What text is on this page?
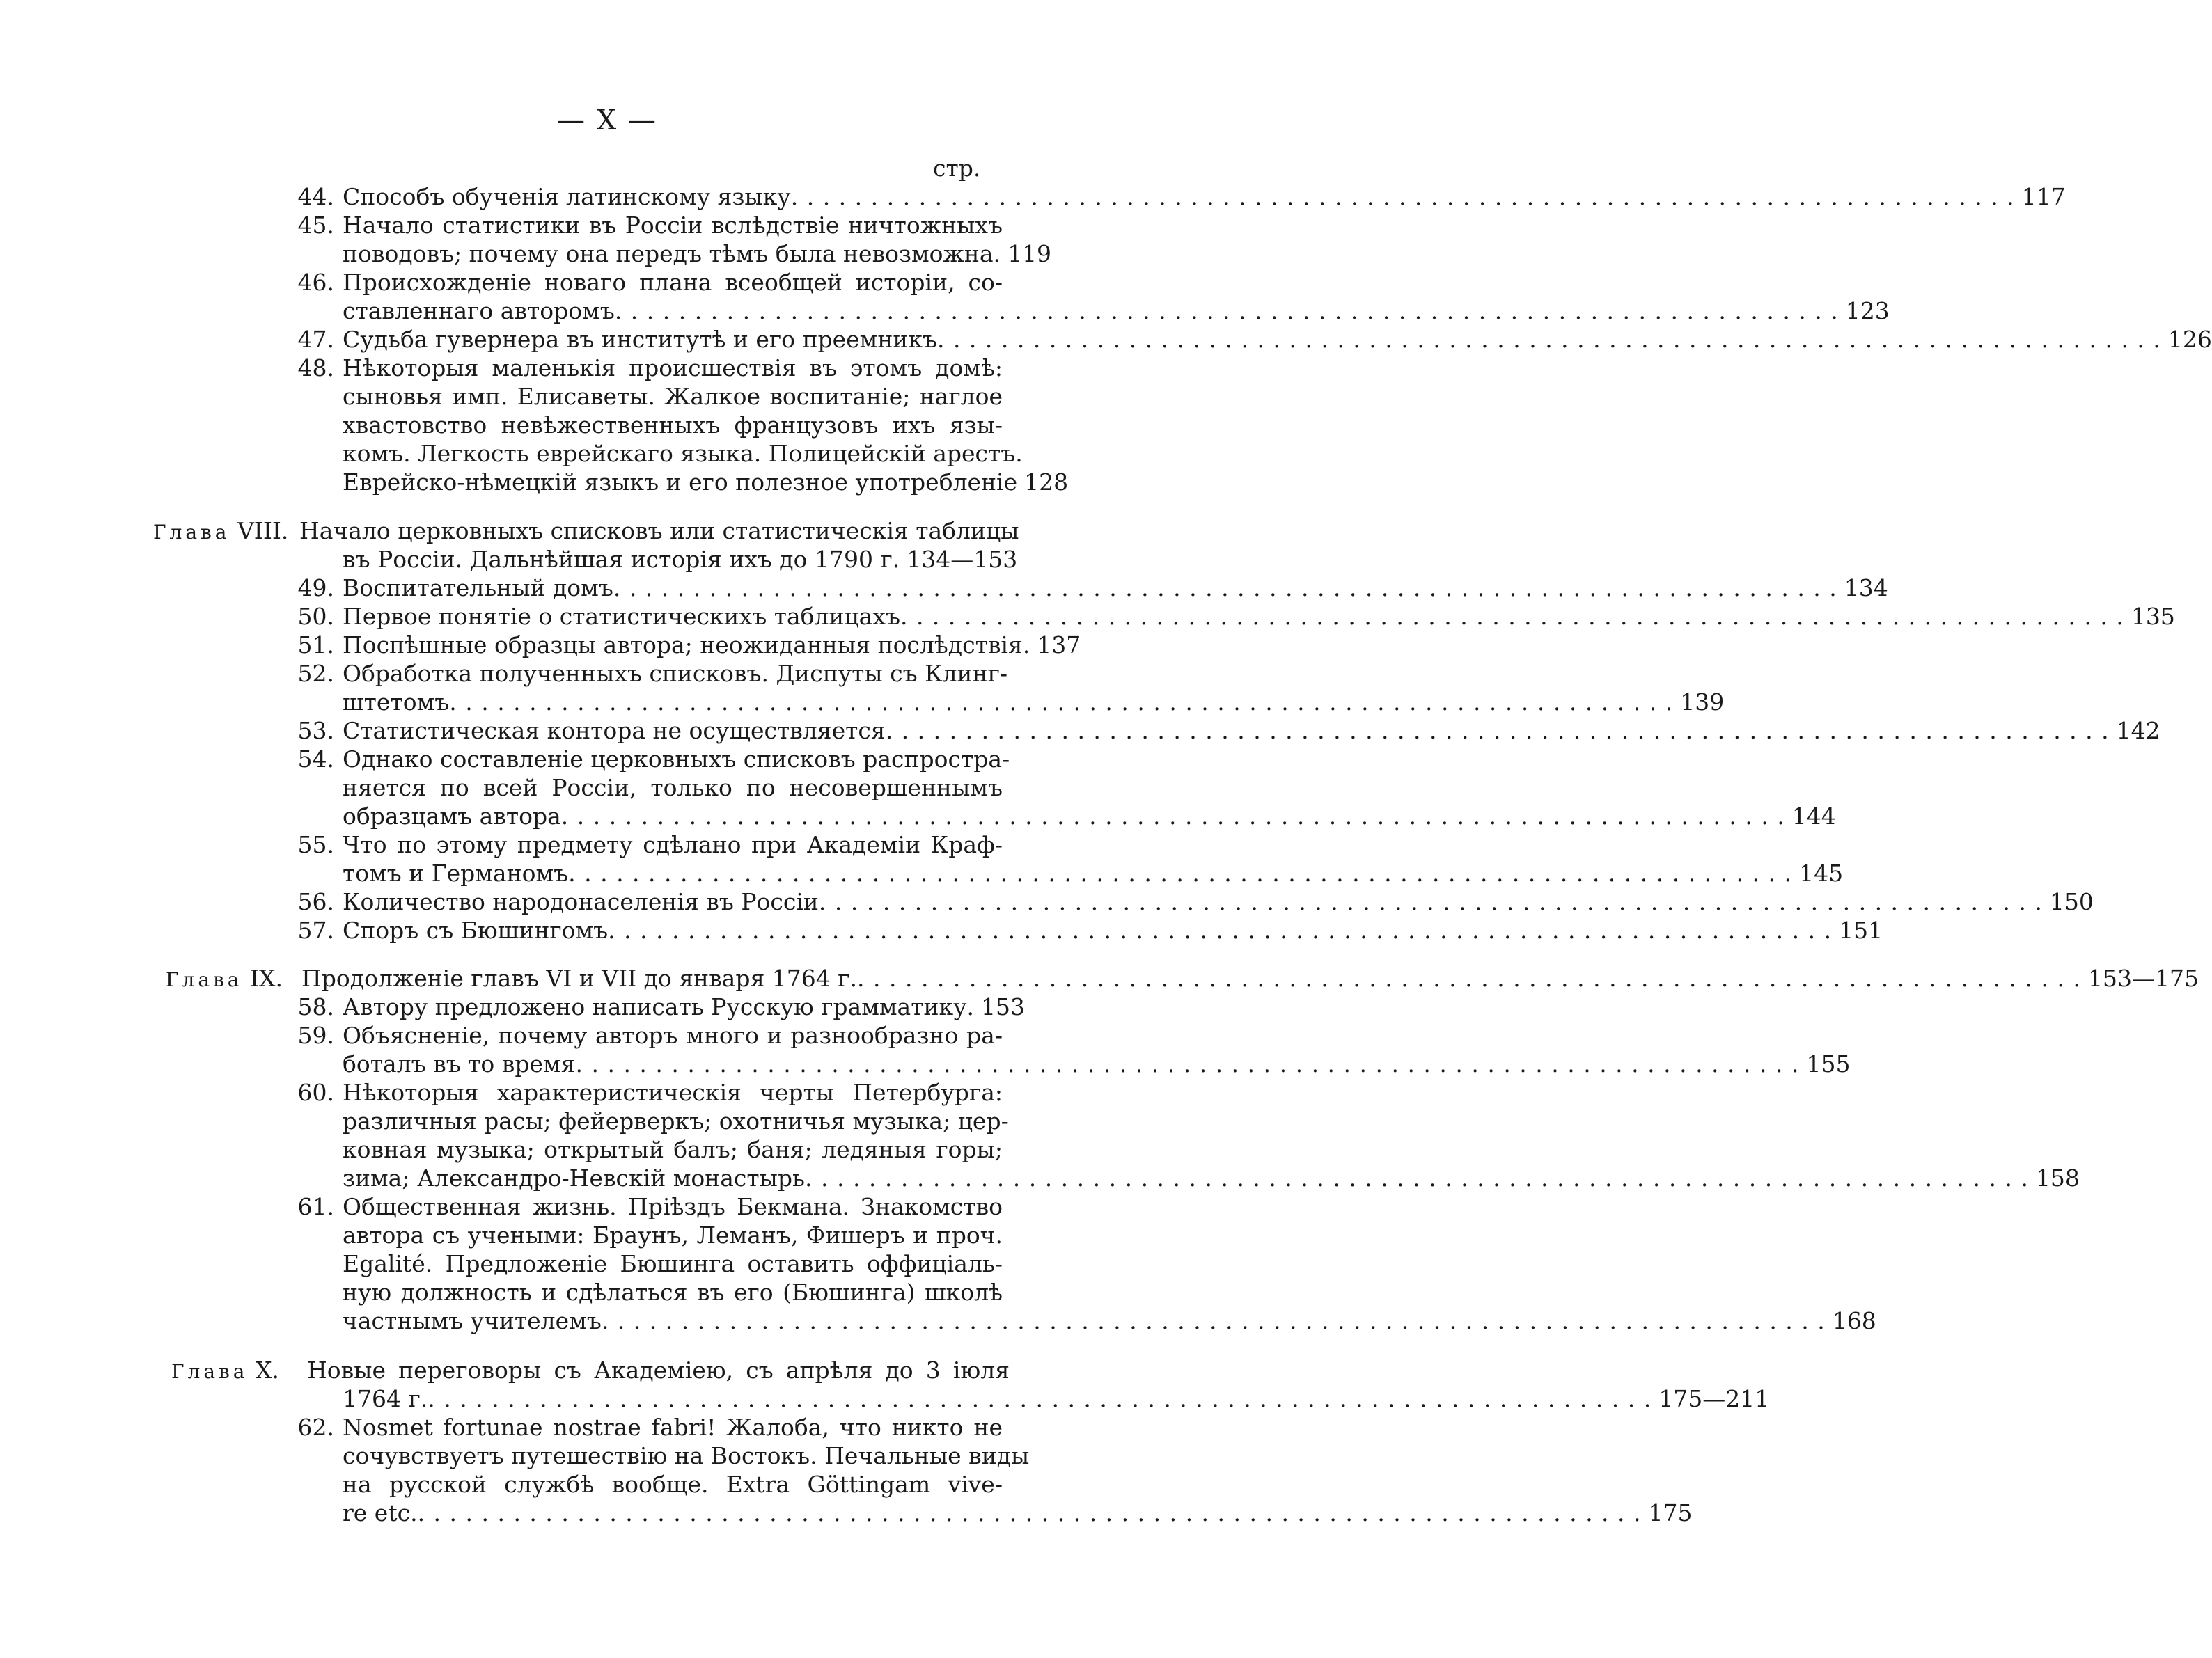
— X —
стр.
44. Способъ обученія латинскому языку . . .	117
45. Начало статистики въ Россіи вслѣдствіе ничтожныхъ
поводовъ; почему она передъ тѣмъ была невозможна. 119
46. Происхожденіе новаго плана всеобщей исторіи, со-
ставленнаго авторомъ . . .	123
47. Судьба гувернера въ институтѣ и его преемникъ . . .	126
48. Нѣкоторыя маленькія происшествія въ этомъ домѣ:
сыновья имп. Елисаветы. Жалкое воспитаніе; наглое
хвастовство невѣжественныхъ французовъ ихъ язы-
комъ. Легкость еврейскаго языка. Полицейскій арестъ.
Еврейско-нѣмецкій языкъ и его полезное употребленіе 128
Глава VIII. Начало церковныхъ списковъ или статистическія таблицы
въ Россіи. Дальнѣйшая исторія ихъ до 1790 г. 134—153
49. Воспитательный домъ . . .	134
50. Первое понятіе о статистическихъ таблицахъ . . .	135
51. Поспѣшные образцы автора; неожиданныя послѣдствія. 137
52. Обработка полученныхъ списковъ. Диспуты съ Клинг-
штетомъ . . .	139
53. Статистическая контора не осуществляется . . .	142
54. Однако составленіе церковныхъ списковъ распростра-
няется по всей Россіи, только по несовершеннымъ
образцамъ автора . . .	144
55. Что по этому предмету сдѣлано при Академіи Краф-
томъ и Германомъ . . .	145
56. Количество народонаселенія въ Россіи . . .	150
57. Споръ съ Бюшингомъ . . .	151
Глава IX. Продолженіе главъ VI и VII до января 1764 г. . . .	153—175
58. Автору предложено написать Русскую грамматику. 153
59. Объясненіе, почему авторъ много и разнообразно ра-
боталъ въ то время . . .	155
60. Нѣкоторыя характеристическія черты Петербурга:
различныя расы; фейерверкъ; охотничья музыка; цер-
ковная музыка; открытый балъ; баня; ледяныя горы;
зима; Александро-Невскій монастырь . . .	158
61. Общественная жизнь. Пріѣздъ Бекмана. Знакомство
автора съ учеными: Браунъ, Леманъ, Фишеръ и проч.
Egalité. Предложеніе Бюшинга оставить оффиціаль-
ную должность и сдѣлаться въ его (Бюшинга) школѣ
частнымъ учителемъ . . .	168
Глава X. Новые переговоры съ Академіею, съ апрѣля до 3 іюля
1764 г. . . .	175—211
62. Nosmet fortunae nostrae fabri! Жалоба, что никто не
сочувствуетъ путешествію на Востокъ. Печальные виды
на русской службѣ вообще. Extra Göttingam vive-
re etc. . . .	175
